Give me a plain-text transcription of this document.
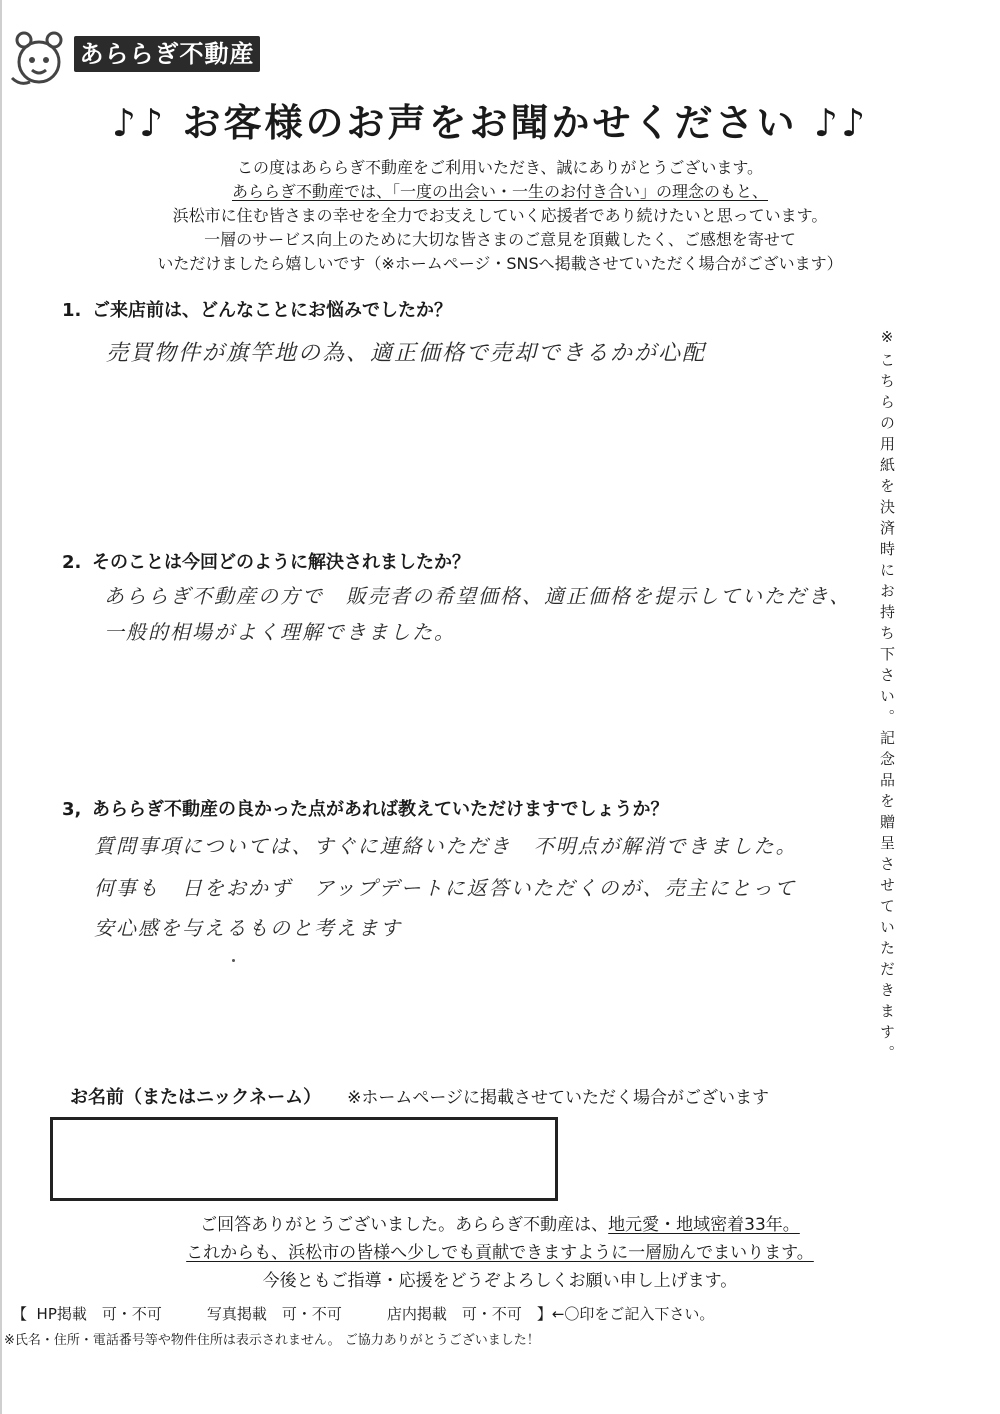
あららぎ不動産
♪♪ お客様のお声をお聞かせください ♪♪
この度はあららぎ不動産をご利用いただき、誠にありがとうございます。
あららぎ不動産では、「一度の出会い・一生のお付き合い」の理念のもと、
浜松市に住む皆さまの幸せを全力でお支えしていく応援者であり続けたいと思っています。
一層のサービス向上のために大切な皆さまのご意見を頂戴したく、ご感想を寄せて
いただけましたら嬉しいです（※ホームページ・SNSへ掲載させていただく場合がございます）
1. ご来店前は、どんなことにお悩みでしたか？
売買物件が旗竿地の為、適正価格で売却できるかが心配
2. そのことは今回どのように解決されましたか？
あららぎ不動産の方で　販売者の希望価格、適正価格を提示していただき、
一般的相場がよく理解できました。
3, あららぎ不動産の良かった点があれば教えていただけますでしょうか？
質問事項については、すぐに連絡いただき　不明点が解消できました。
何事も　日をおかず　アップデートに返答いただくのが、売主にとって
安心感を与えるものと考えます	※こちらの用紙を決済時にお持ち下さい。記念品を贈呈させていただきます。
お名前（またはニックネーム） ※ホームページに掲載させていただく場合がございます
ご回答ありがとうございました。あららぎ不動産は、地元愛・地域密着33年。
これからも、浜松市の皆様へ少しでも貢献できますように一層励んでまいります。
今後ともご指導・応援をどうぞよろしくお願い申し上げます。
【  HP掲載　可・不可　　　写真掲載　可・不可　　　店内掲載　可・不可　】←〇印をご記入下さい。
※氏名・住所・電話番号等や物件住所は表示されません。 ご協力ありがとうございました！
